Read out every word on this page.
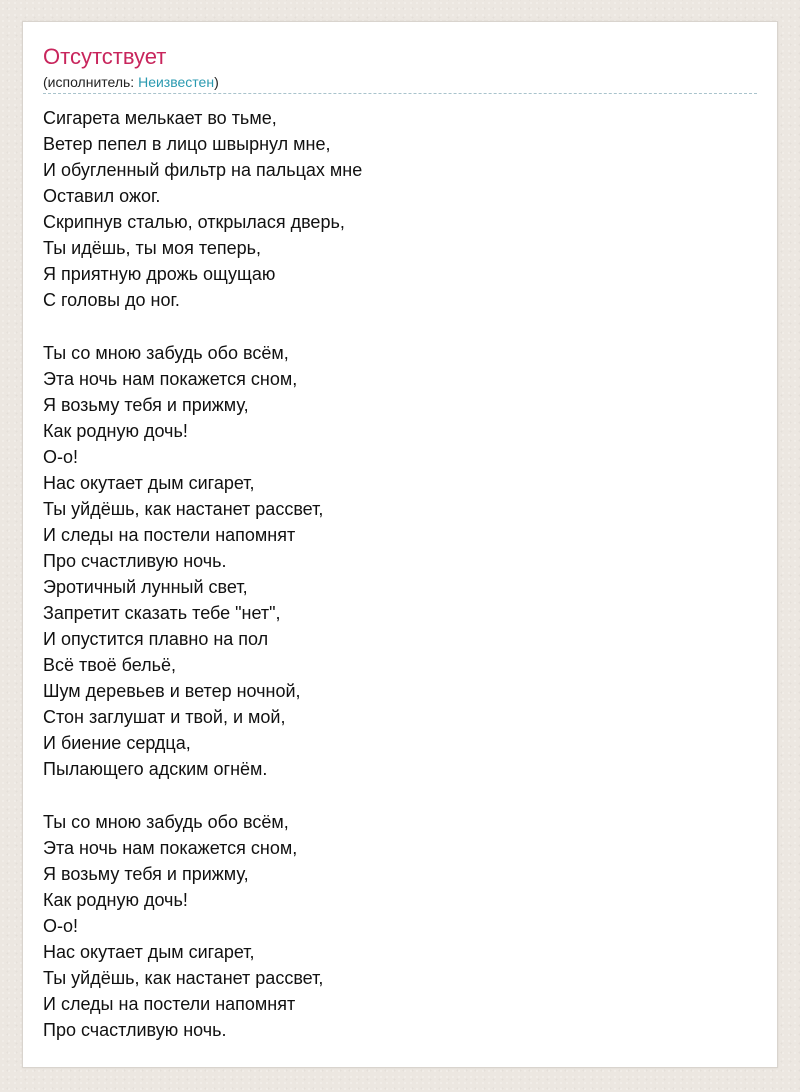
Отсутствует
(исполнитель: Неизвестен)
Сигарета мелькает во тьме,
Ветер пепел в лицо швырнул мне,
И обугленный фильтр на пальцах мне
Оставил ожог.
Скрипнув сталью, открылася дверь,
Ты идёшь, ты моя теперь,
Я приятную дрожь ощущаю
С головы до ног.
Ты со мною забудь обо всём,
Эта ночь нам покажется сном,
Я возьму тебя и прижму,
Как родную дочь!
О-о!
Нас окутает дым сигарет,
Ты уйдёшь, как настанет рассвет,
И следы на постели напомнят
Про счастливую ночь.
Эротичный лунный свет,
Запретит сказать тебе "нет",
И опустится плавно на пол
Всё твоё бельё,
Шум деревьев и ветер ночной,
Стон заглушат и твой, и мой,
И биение сердца,
Пылающего адским огнём.
Ты со мною забудь обо всём,
Эта ночь нам покажется сном,
Я возьму тебя и прижму,
Как родную дочь!
О-о!
Нас окутает дым сигарет,
Ты уйдёшь, как настанет рассвет,
И следы на постели напомнят
Про счастливую ночь.
